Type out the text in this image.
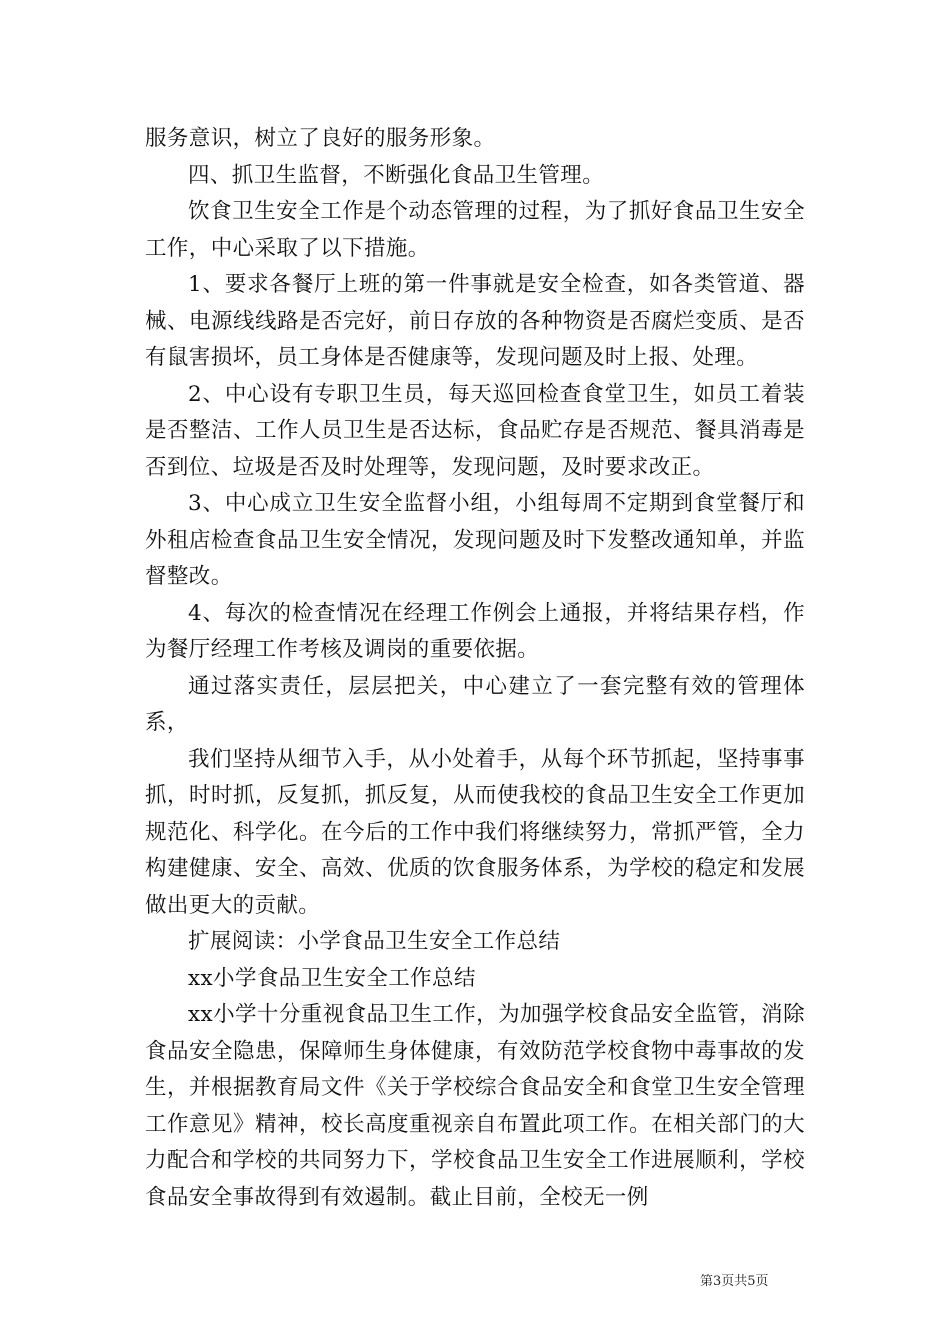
服务意识，树立了良好的服务形象。

四、抓卫生监督，不断强化食品卫生管理。

饮食卫生安全工作是个动态管理的过程，为了抓好食品卫生安全工作，中心采取了以下措施。

1、要求各餐厅上班的第一件事就是安全检查，如各类管道、器械、电源线线路是否完好，前日存放的各种物资是否腐烂变质、是否有鼠害损坏，员工身体是否健康等，发现问题及时上报、处理。

2、中心设有专职卫生员，每天巡回检查食堂卫生，如员工着装是否整洁、工作人员卫生是否达标，食品贮存是否规范、餐具消毒是否到位、垃圾是否及时处理等，发现问题，及时要求改正。

3、中心成立卫生安全监督小组，小组每周不定期到食堂餐厅和外租店检查食品卫生安全情况，发现问题及时下发整改通知单，并监督整改。

4、每次的检查情况在经理工作例会上通报，并将结果存档，作为餐厅经理工作考核及调岗的重要依据。

通过落实责任，层层把关，中心建立了一套完整有效的管理体系，

我们坚持从细节入手，从小处着手，从每个环节抓起，坚持事事抓，时时抓，反复抓，抓反复，从而使我校的食品卫生安全工作更加规范化、科学化。在今后的工作中我们将继续努力，常抓严管，全力构建健康、安全、高效、优质的饮食服务体系，为学校的稳定和发展做出更大的贡献。

扩展阅读：小学食品卫生安全工作总结

xx小学食品卫生安全工作总结

xx小学十分重视食品卫生工作，为加强学校食品安全监管，消除食品安全隐患，保障师生身体健康，有效防范学校食物中毒事故的发生，并根据教育局文件《关于学校综合食品安全和食堂卫生安全管理工作意见》精神，校长高度重视亲自布置此项工作。在相关部门的大力配合和学校的共同努力下，学校食品卫生安全工作进展顺利，学校食品安全事故得到有效遏制。截止目前，全校无一例

第3页共5页
